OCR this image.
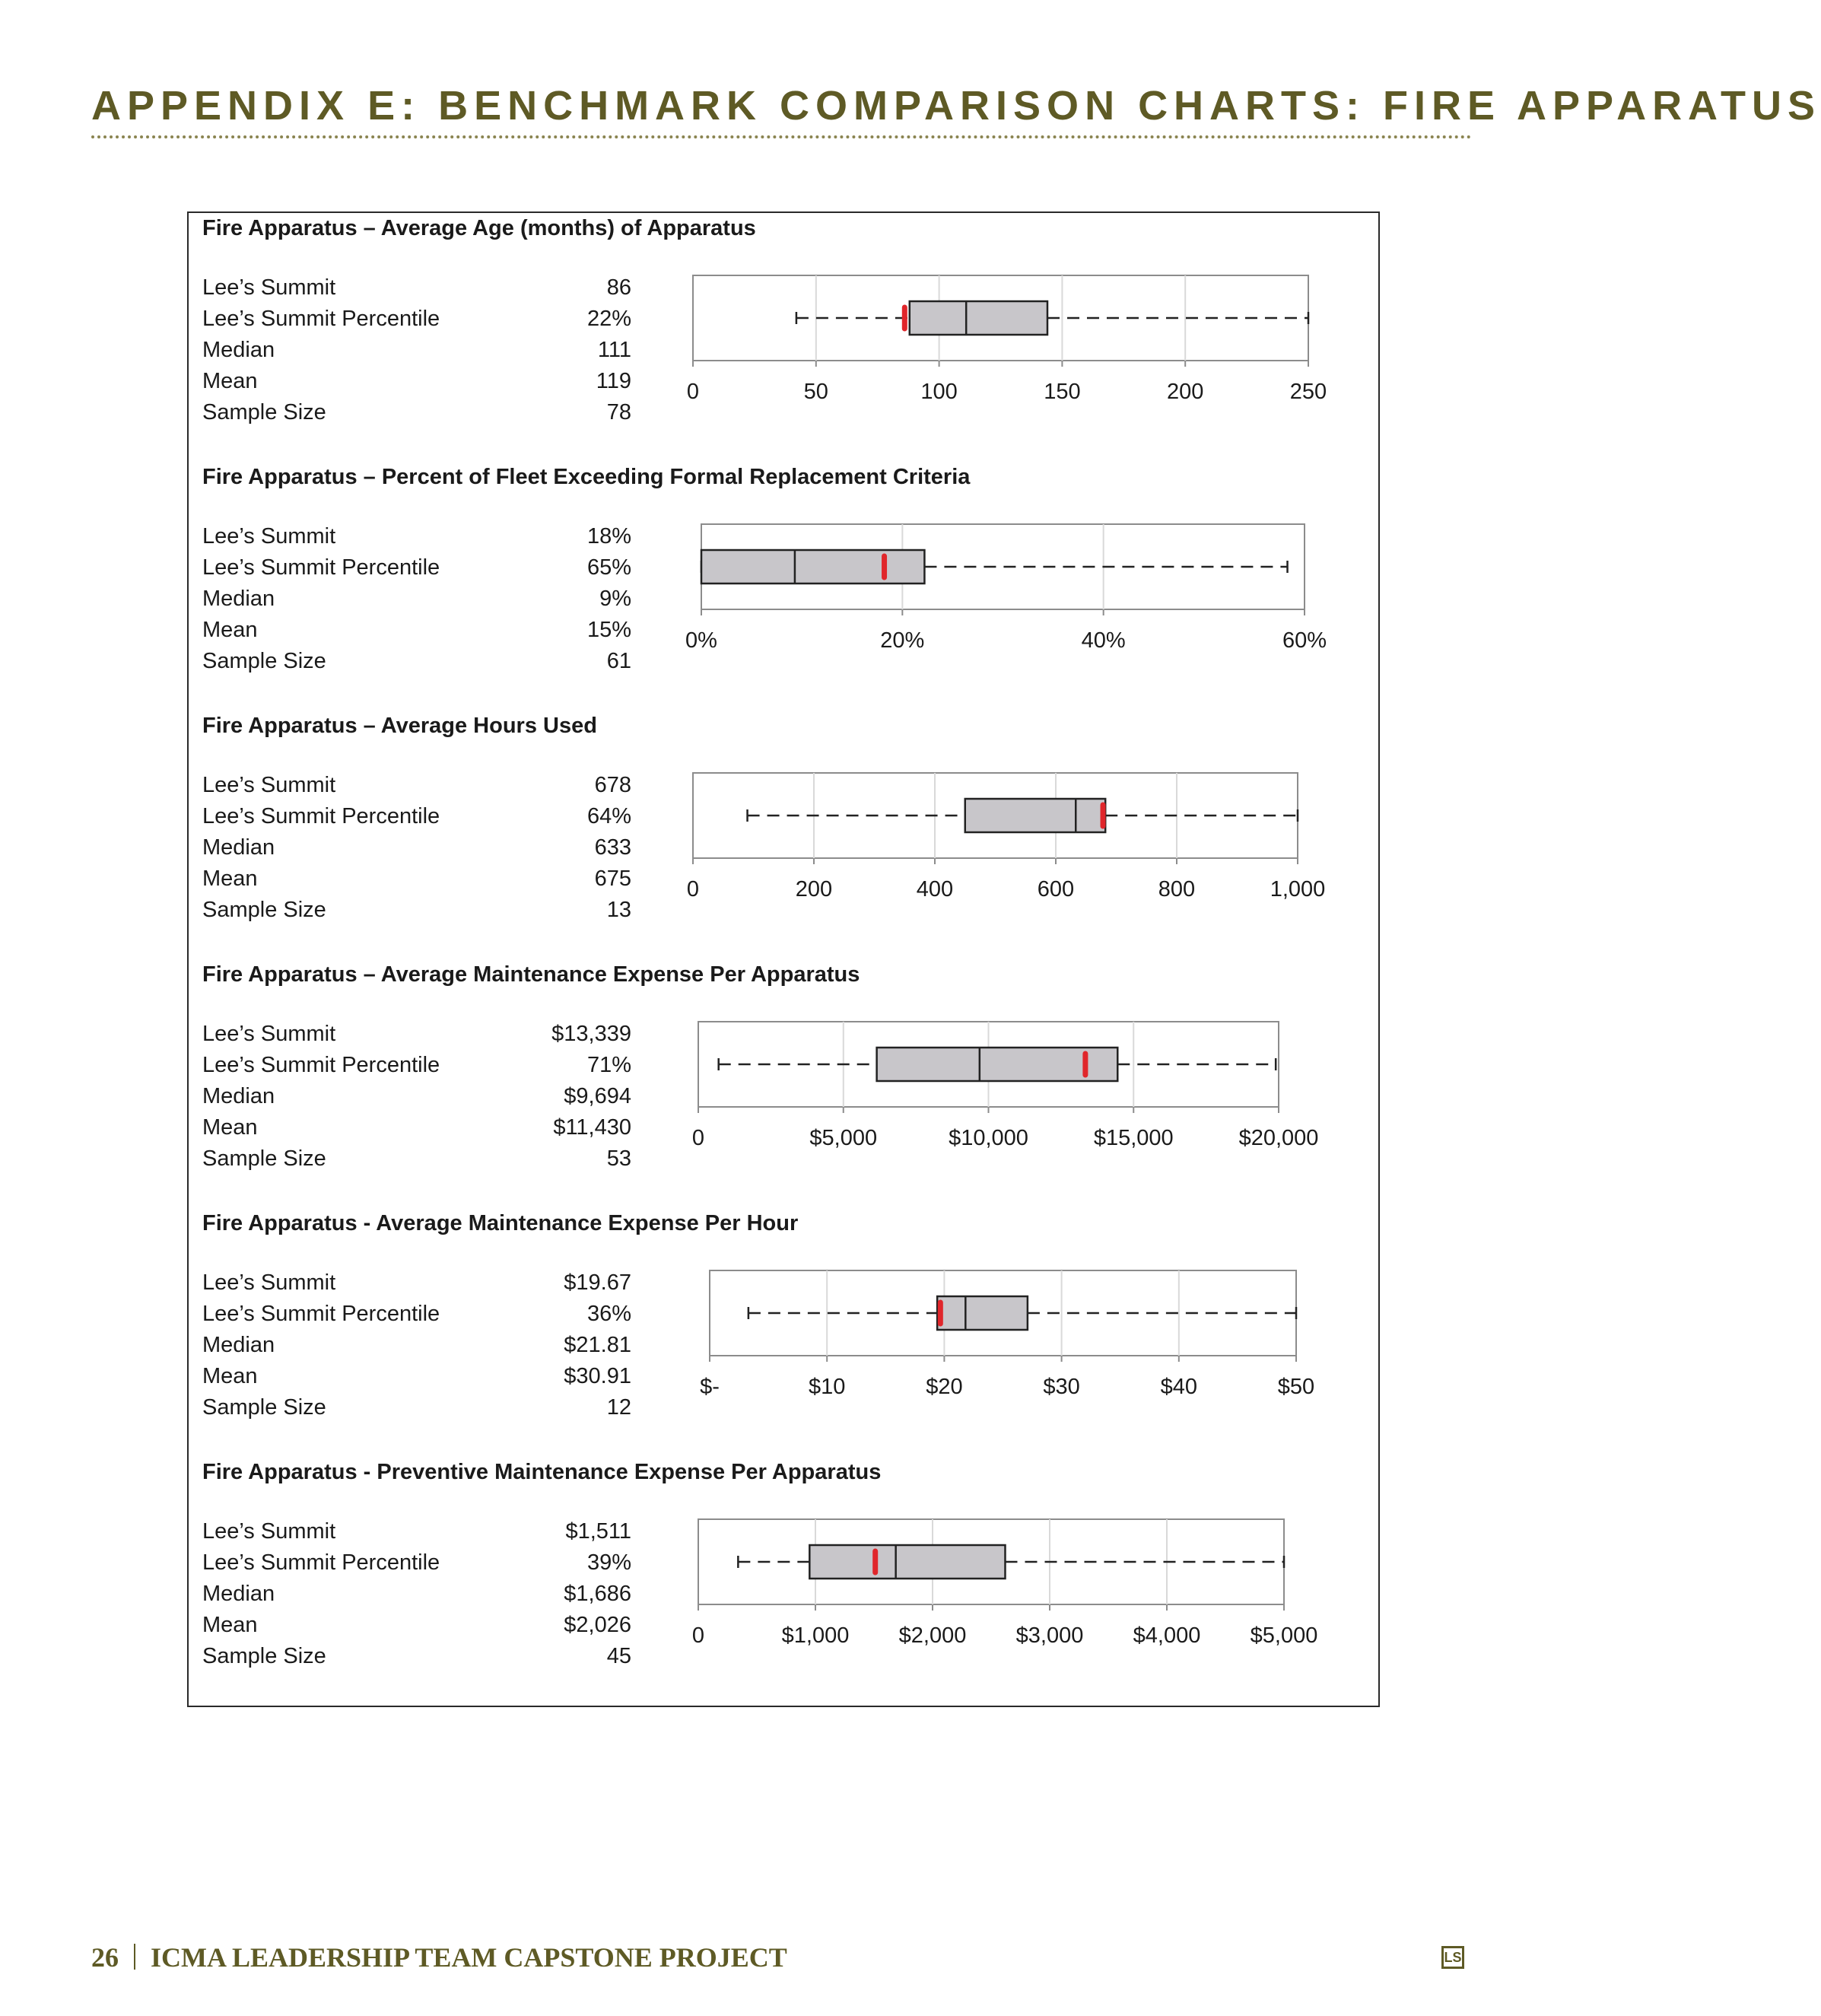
APPENDIX E: BENCHMARK COMPARISON CHARTS: FIRE APPARATUS
Fire Apparatus – Average Age (months) of Apparatus
Lee’s Summit	86
Lee’s Summit Percentile	22%
Median	111
Mean	119
Sample Size	78
0	50	100	150	200	250
Fire Apparatus – Percent of Fleet Exceeding Formal Replacement Criteria
Lee’s Summit	18%
Lee’s Summit Percentile	65%
Median	9%
Mean	15%
Sample Size	61
0%	20%	40%	60%
Fire Apparatus – Average Hours Used
Lee’s Summit	678
Lee’s Summit Percentile	64%
Median	633
Mean	675
Sample Size	13
0	200	400	600	800	1,000
Fire Apparatus – Average Maintenance Expense Per Apparatus
Lee’s Summit	$13,339
Lee’s Summit Percentile	71%
Median	$9,694
Mean	$11,430
Sample Size	53
0	$5,000	$10,000	$15,000	$20,000
Fire Apparatus - Average Maintenance Expense Per Hour
Lee’s Summit	$19.67
Lee’s Summit Percentile	36%
Median	$21.81
Mean	$30.91
Sample Size	12
$-	$10	$20	$30	$40	$50
Fire Apparatus - Preventive Maintenance Expense Per Apparatus
Lee’s Summit	$1,511
Lee’s Summit Percentile	39%
Median	$1,686
Mean	$2,026
Sample Size	45
0	$1,000 $2,000 $3,000 $4,000 $5,000

26 ICMA LEADERSHIP TEAM CAPSTONE PROJECT	LS
